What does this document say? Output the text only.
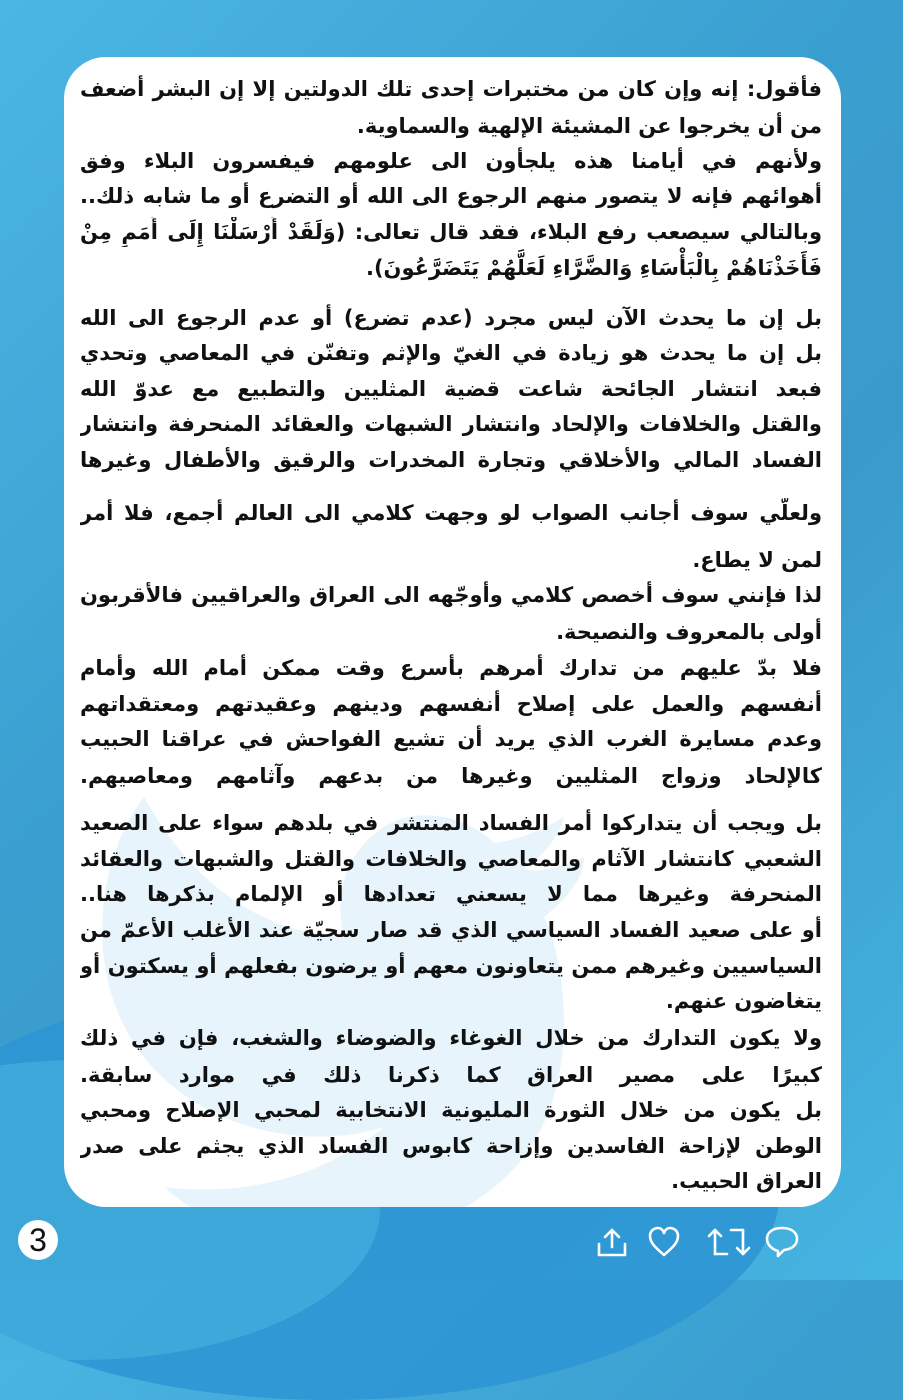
فأقول: إنه وإن كان من مختبرات إحدى تلك الدولتين إلا إن البشر أضعف
من أن يخرجوا عن المشيئة الإلهية والسماوية.
ولأنهم في أيامنا هذه يلجأون الى علومهم فيفسرون البلاء وفق
أهوائهم فإنه لا يتصور منهم الرجوع الى الله أو التضرع أو ما شابه ذلك..
وبالتالي سيصعب رفع البلاء، فقد قال تعالى: (وَلَقَدْ أَرْسَلْنَا إِلَى أُمَمٍ مِنْ
فَأَخَذْنَاهُمْ بِالْبَأْسَاءِ وَالضَّرَّاءِ لَعَلَّهُمْ يَتَضَرَّعُونَ).
بل إن ما يحدث الآن ليس مجرد (عدم تضرع) أو عدم الرجوع الى الله
بل إن ما يحدث هو زيادة في الغيّ والإثم وتفنّن في المعاصي وتحدي
فبعد انتشار الجائحة شاعت قضية المثليين والتطبيع مع عدوّ الله
والقتل والخلافات والإلحاد وانتشار الشبهات والعقائد المنحرفة وانتشار
الفساد المالي والأخلاقي وتجارة المخدرات والرقيق والأطفال وغيرها
ولعلّي سوف أجانب الصواب لو وجهت كلامي الى العالم أجمع، فلا أمر
لمن لا يطاع.
لذا فإنني سوف أخصص كلامي وأوجّهه الى العراق والعراقيين فالأقربون
أولى بالمعروف والنصيحة.
فلا بدّ عليهم من تدارك أمرهم بأسرع وقت ممكن أمام الله وأمام
أنفسهم والعمل على إصلاح أنفسهم ودينهم وعقيدتهم ومعتقداتهم
وعدم مسايرة الغرب الذي يريد أن تشيع الفواحش في عراقنا الحبيب
كالإلحاد وزواج المثليين وغيرها من بدعهم وآثامهم ومعاصيهم.
بل ويجب أن يتداركوا أمر الفساد المنتشر في بلدهم سواء على الصعيد
الشعبي كانتشار الآثام والمعاصي والخلافات والقتل والشبهات والعقائد
المنحرفة وغيرها مما لا يسعني تعدادها أو الإلمام بذكرها هنا..
أو على صعيد الفساد السياسي الذي قد صار سجيّة عند الأغلب الأعمّ من
السياسيين وغيرهم ممن يتعاونون معهم أو يرضون بفعلهم أو يسكتون أو
يتغاضون عنهم.
ولا يكون التدارك من خلال الغوغاء والضوضاء والشغب، فإن في ذلك
كبيرًا على مصير العراق كما ذكرنا ذلك في موارد سابقة.
بل يكون من خلال الثورة المليونية الانتخابية لمحبي الإصلاح ومحبي
الوطن لإزاحة الفاسدين وإزاحة كابوس الفساد الذي يجثم على صدر
العراق الحبيب.
3
